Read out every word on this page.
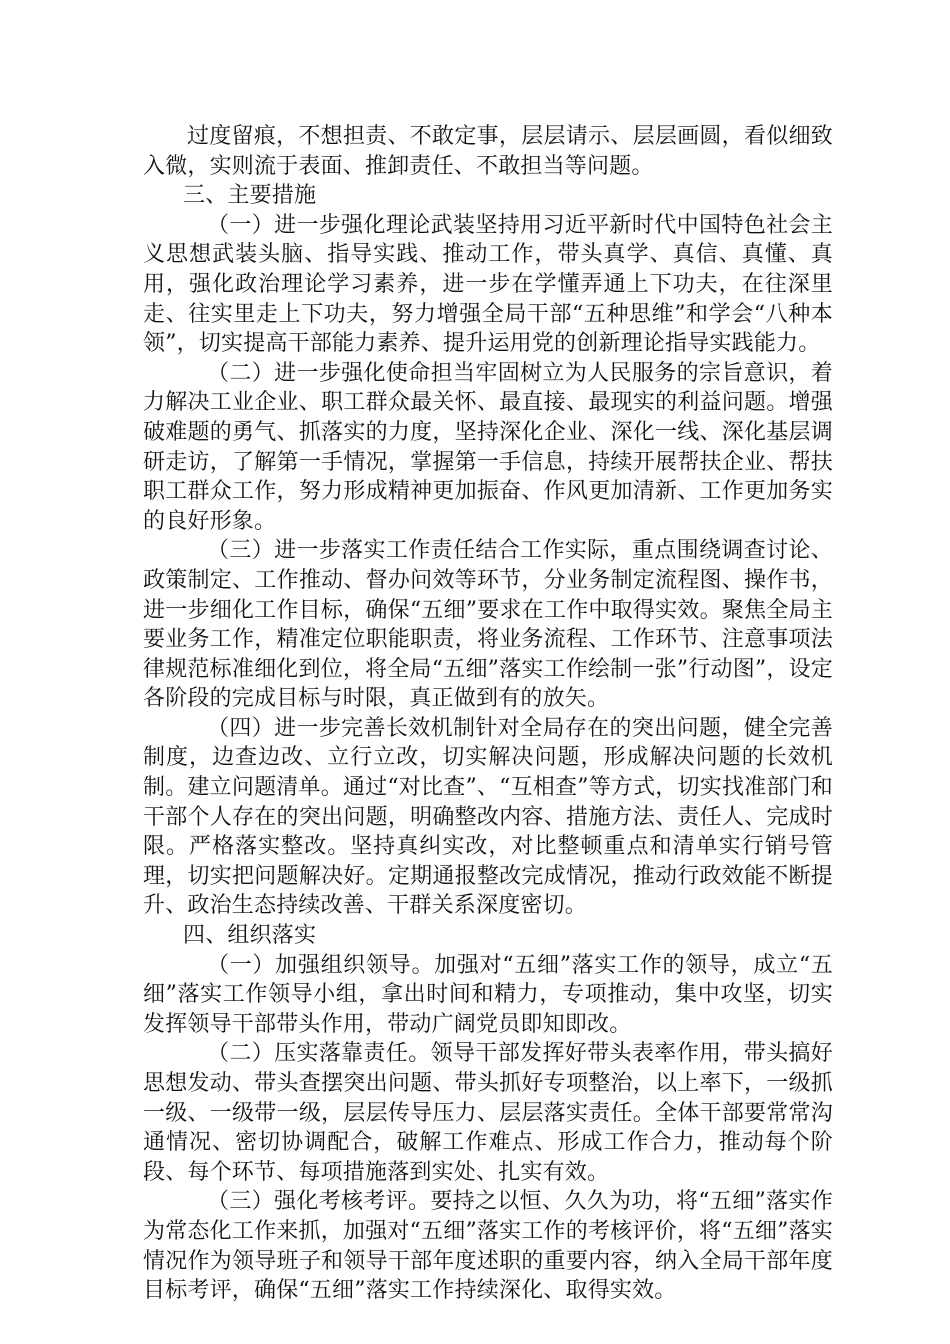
过度留痕，不想担责、不敢定事，层层请示、层层画圆，看似细致入微，实则流于表面、推卸责任、不敢担当等问题。

三、主要措施

（一）进一步强化理论武装坚持用习近平新时代中国特色社会主义思想武装头脑、指导实践、推动工作，带头真学、真信、真懂、真用，强化政治理论学习素养，进一步在学懂弄通上下功夫，在往深里走、往实里走上下功夫，努力增强全局干部“五种思维”和学会“八种本领”，切实提高干部能力素养、提升运用党的创新理论指导实践能力。

（二）进一步强化使命担当牢固树立为人民服务的宗旨意识，着力解决工业企业、职工群众最关怀、最直接、最现实的利益问题。增强破难题的勇气、抓落实的力度，坚持深化企业、深化一线、深化基层调研走访，了解第一手情况，掌握第一手信息，持续开展帮扶企业、帮扶职工群众工作，努力形成精神更加振奋、作风更加清新、工作更加务实的良好形象。

（三）进一步落实工作责任结合工作实际，重点围绕调查讨论、政策制定、工作推动、督办问效等环节，分业务制定流程图、操作书，进一步细化工作目标，确保“五细”要求在工作中取得实效。聚焦全局主要业务工作，精准定位职能职责，将业务流程、工作环节、注意事项法律规范标准细化到位，将全局“五细”落实工作绘制一张”行动图”，设定各阶段的完成目标与时限，真正做到有的放矢。

（四）进一步完善长效机制针对全局存在的突出问题，健全完善制度，边查边改、立行立改，切实解决问题，形成解决问题的长效机制。建立问题清单。通过“对比查”、“互相查”等方式，切实找准部门和干部个人存在的突出问题，明确整改内容、措施方法、责任人、完成时限。严格落实整改。坚持真纠实改，对比整顿重点和清单实行销号管理，切实把问题解决好。定期通报整改完成情况，推动行政效能不断提升、政治生态持续改善、干群关系深度密切。

四、组织落实

（一）加强组织领导。加强对“五细”落实工作的领导，成立“五细”落实工作领导小组，拿出时间和精力，专项推动，集中攻坚，切实发挥领导干部带头作用，带动广阔党员即知即改。

（二）压实落靠责任。领导干部发挥好带头表率作用，带头搞好思想发动、带头查摆突出问题、带头抓好专项整治，以上率下，一级抓一级、一级带一级，层层传导压力、层层落实责任。全体干部要常常沟通情况、密切协调配合，破解工作难点、形成工作合力，推动每个阶段、每个环节、每项措施落到实处、扎实有效。

（三）强化考核考评。要持之以恒、久久为功，将“五细”落实作为常态化工作来抓，加强对“五细”落实工作的考核评价，将“五细”落实情况作为领导班子和领导干部年度述职的重要内容，纳入全局干部年度目标考评，确保“五细”落实工作持续深化、取得实效。
